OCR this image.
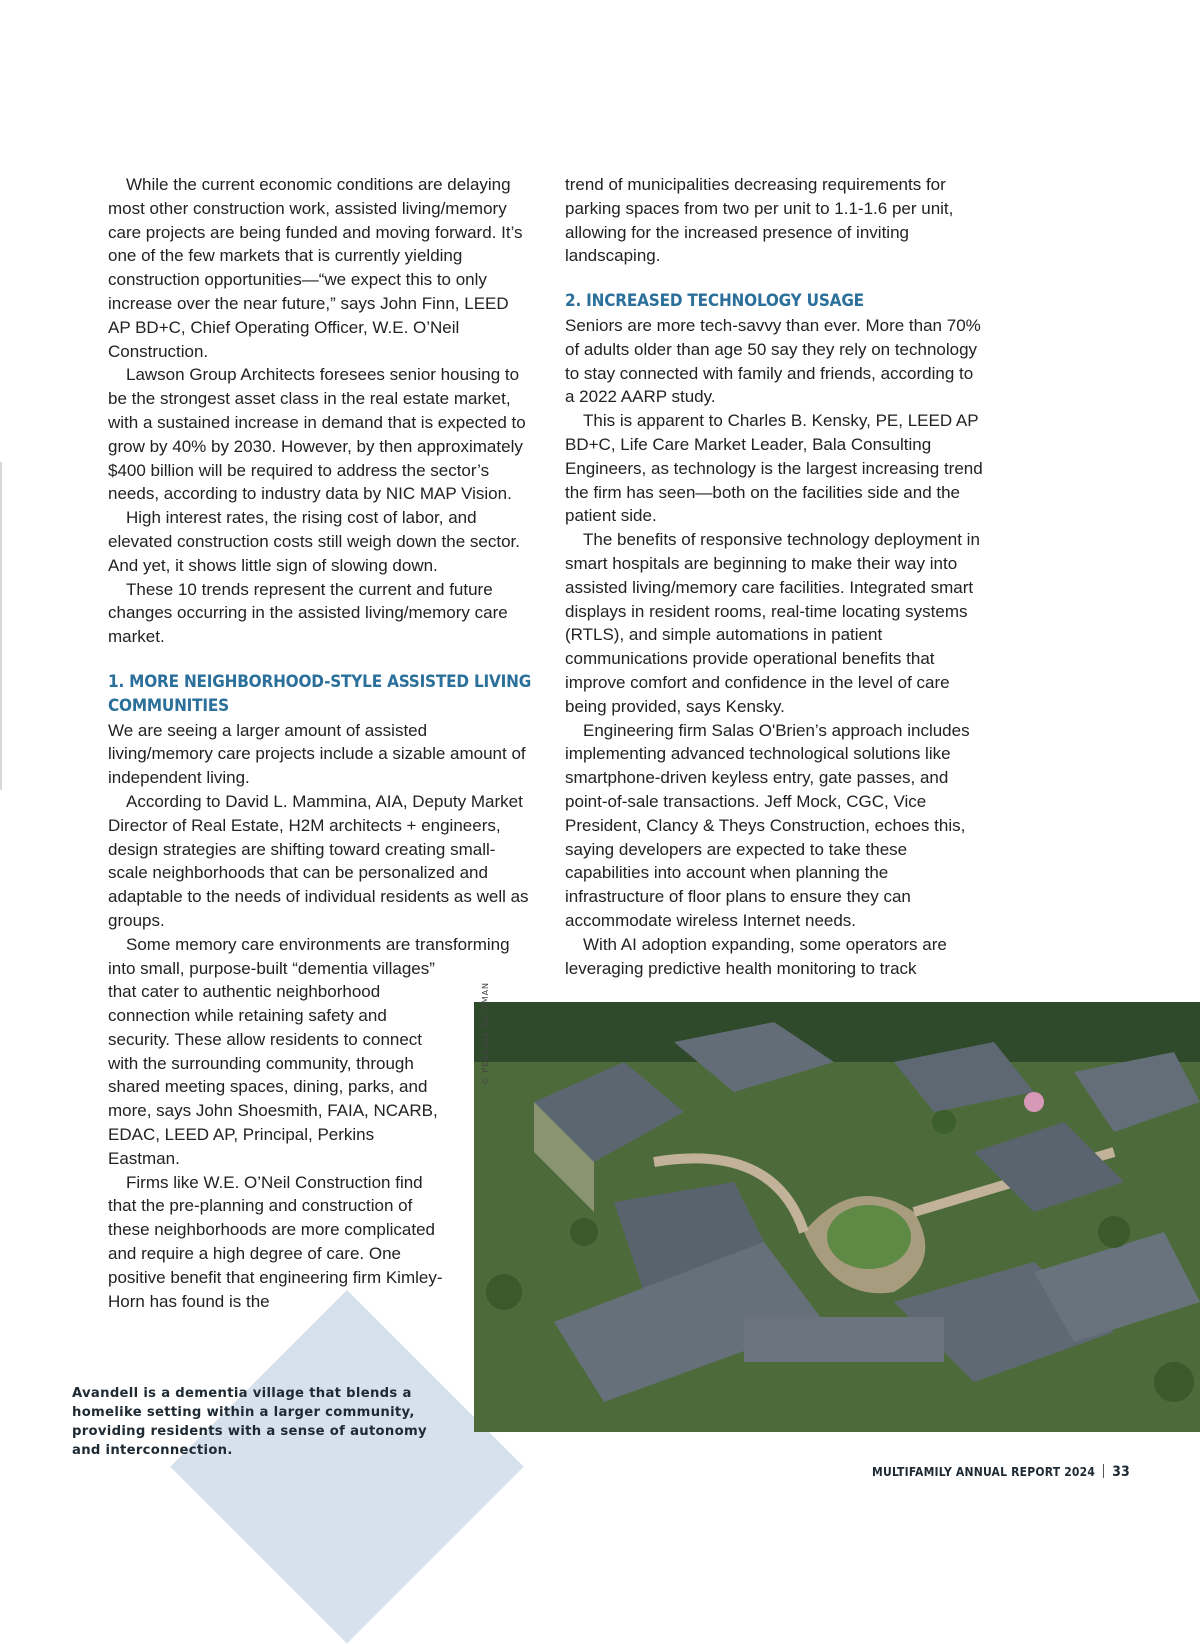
While the current economic conditions are delaying most other construction work, assisted living/memory care projects are being funded and moving forward. It’s one of the few markets that is currently yielding construction opportunities—“we expect this to only increase over the near future,” says John Finn, LEED AP BD+C, Chief Operating Officer, W.E. O’Neil Construction.

Lawson Group Architects foresees senior housing to be the strongest asset class in the real estate market, with a sustained increase in demand that is expected to grow by 40% by 2030. However, by then approximately $400 billion will be required to address the sector’s needs, according to industry data by NIC MAP Vision.

High interest rates, the rising cost of labor, and elevated construction costs still weigh down the sector. And yet, it shows little sign of slowing down.

These 10 trends represent the current and future changes occurring in the assisted living/memory care market.

1. MORE NEIGHBORHOOD-STYLE ASSISTED LIVING COMMUNITIES

We are seeing a larger amount of assisted living/memory care projects include a sizable amount of independent living.

According to David L. Mammina, AIA, Deputy Market Director of Real Estate, H2M architects + engineers, design strategies are shifting toward creating small-scale neighborhoods that can be personalized and adaptable to the needs of individual residents as well as groups.

Some memory care environments are transforming

into small, purpose-built “dementia villages” that cater to authentic neighborhood connection while retaining safety and security. These allow residents to connect with the surrounding community, through shared meeting spaces, dining, parks, and more, says John Shoesmith, FAIA, NCARB, EDAC, LEED AP, Principal, Perkins Eastman.

Firms like W.E. O’Neil Construction find that the pre-planning and construction of these neighborhoods are more complicated and require a high degree of care. One positive benefit that engineering firm Kimley-Horn has found is the

trend of municipalities decreasing requirements for parking spaces from two per unit to 1.1-1.6 per unit, allowing for the increased presence of inviting landscaping.

2. INCREASED TECHNOLOGY USAGE

Seniors are more tech-savvy than ever. More than 70% of adults older than age 50 say they rely on technology to stay connected with family and friends, according to a 2022 AARP study.

This is apparent to Charles B. Kensky, PE, LEED AP BD+C, Life Care Market Leader, Bala Consulting Engineers, as technology is the largest increasing trend the firm has seen—both on the facilities side and the patient side.

The benefits of responsive technology deployment in smart hospitals are beginning to make their way into assisted living/memory care facilities. Integrated smart displays in resident rooms, real-time locating systems (RTLS), and simple automations in patient communications provide operational benefits that improve comfort and confidence in the level of care being provided, says Kensky.

Engineering firm Salas O'Brien’s approach includes implementing advanced technological solutions like smartphone-driven keyless entry, gate passes, and point-of-sale transactions. Jeff Mock, CGC, Vice President, Clancy & Theys Construction, echoes this, saying developers are expected to take these capabilities into account when planning the infrastructure of floor plans to ensure they can accommodate wireless Internet needs.

With AI adoption expanding, some operators are leveraging predictive health monitoring to track

© PERKINS EASTMAN
Avandell is a dementia village that blends a homelike setting within a larger community, providing residents with a sense of autonomy and interconnection.
MULTIFAMILY ANNUAL REPORT 2024 33
